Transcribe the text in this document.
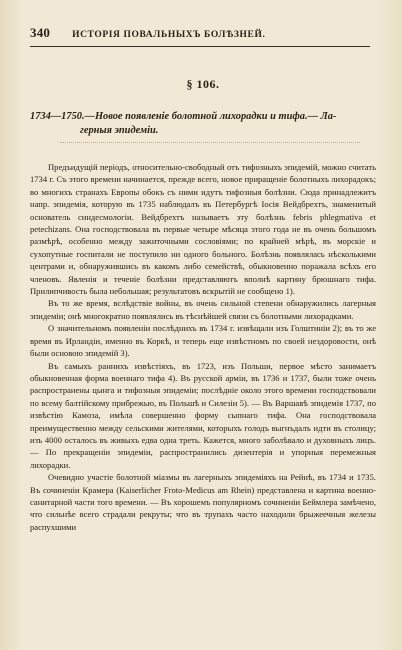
340 ИСТОРІЯ ПОВАЛЬНЫХЪ БОЛѢЗНЕЙ.
§ 106.
1734—1750.—Новое появленіе болотной лихорадки и тифа.— Лa-
герныя эпидеміи.

Предъидущій періодъ, относительно-свободный отъ тифозныхъ эпидемій, можно считать 1734 г. Съ этого времени начинается, прежде всего, новое приращеніе болотныхъ лихорадокъ; во многихъ странахъ Европы обокъ съ ними идутъ тифозныя болѣзни. Сюда принадлежитъ напр. эпидемія, которую въ 1735 наблюдалъ въ Петербургѣ Іосія Вейдбрехтъ, знаменитый основатель синдесмологіи. Вейдбрехтъ называетъ эту болѣзнь febris phlegmativa et petechizans. Она господствовала въ первые четыре мѣсяца этого года не въ очень большомъ размѣрѣ, особенно между зажиточными сословіями; по крайней мѣрѣ, въ морскіе и сухопутные госпитали не поступило ни одного больного. Болѣзнь появлялась нѣсколькими центрами и, обнаружившись въ какомъ либо семействѣ, обыкновенно поражала всѣхъ его членовъ. Явленія и теченіе болѣзни представляютъ вполнѣ картину брюшнаго тифа. Прилипчивость была небольшая; результатовъ вскрытій не сообщено 1).

Въ то же время, вслѣдствіе войны, въ очень сильной степени обнаружились лагерныя эпидеміи; онѣ многократно появлялись въ тѣснѣйшей связи съ болотными лихорадками.

О значительномъ появленіи послѣднихъ въ 1734 г. извѣщали изъ Голштиніи 2); въ то же время въ Ирландіи, именно въ Коркѣ, и теперь еще извѣстномъ по своей нездоровости, онѣ были основою эпидемій 3).

Въ самыхъ раннихъ извѣстіяхъ, въ 1723, изъ Польши, первое мѣсто занимаетъ обыкновенная форма военнаго тифа 4). Въ русской арміи, въ 1736 и 1737, были тоже очень распространены цынга и тифозныя эпидеміи; послѣдніе около этого времени господствовали по всему балтійскому прибрежью, въ Польшѣ и Силезіи 5). — Въ Варшавѣ эпидемія 1737, по извѣстію Камоза, имѣла совершенно форму сыпнаго тифа. Она господствовала преимущественно между сельскими жителями, которыхъ голодъ выгнъдалъ идти въ столицу; изъ 4000 осталось въ живыхъ едва одна треть. Кажется, много заболѣвало и духовныхъ лицъ.— По прекращеніи эпидеміи, распространились дизентерія и упорныя перемежныя лихорадки.

Очевидно участіе болотной міазмы въ лагерныхъ эпидеміяхъ на Рейнѣ, въ 1734 и 1735. Въ сочиненіи Крамера (Kaiserlicher Froto-Medicus am Rhein) представлена и картина военно-санитарной части того времени. — Въ хорошемъ популярномъ сочиненіи Беймлера замѣчено, что сильнѣе всего страдали рекруты; что въ трупахъ часто находили брыжеечныя железы распухшими
